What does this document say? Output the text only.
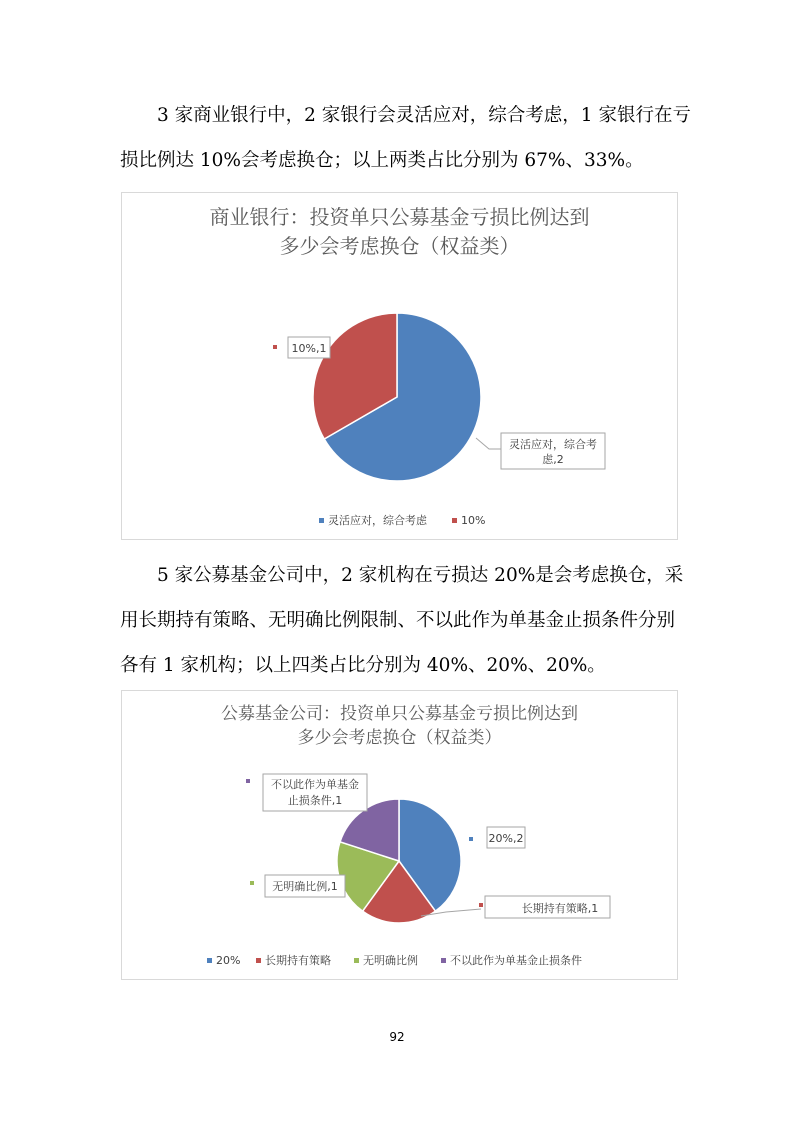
3 家商业银行中，2 家银行会灵活应对，综合考虑，1 家银行在亏
损比例达 10%会考虑换仓；以上两类占比分别为 67%、33%。
商业银行：投资单只公募基金亏损比例达到
多少会考虑换仓（权益类）
灵活应对，综合考
虑,2
10%,1
灵活应对，综合考虑	10%
5 家公募基金公司中，2 家机构在亏损达 20%是会考虑换仓，采
用长期持有策略、无明确比例限制、不以此作为单基金止损条件分别
各有 1 家机构；以上四类占比分别为 40%、20%、20%。
公募基金公司：投资单只公募基金亏损比例达到
多少会考虑换仓（权益类）
20%,2
长期持有策略,1
无明确比例,1
不以此作为单基金
止损条件,1
20% 长期持有策略	无明确比例	不以此作为单基金止损条件
92
